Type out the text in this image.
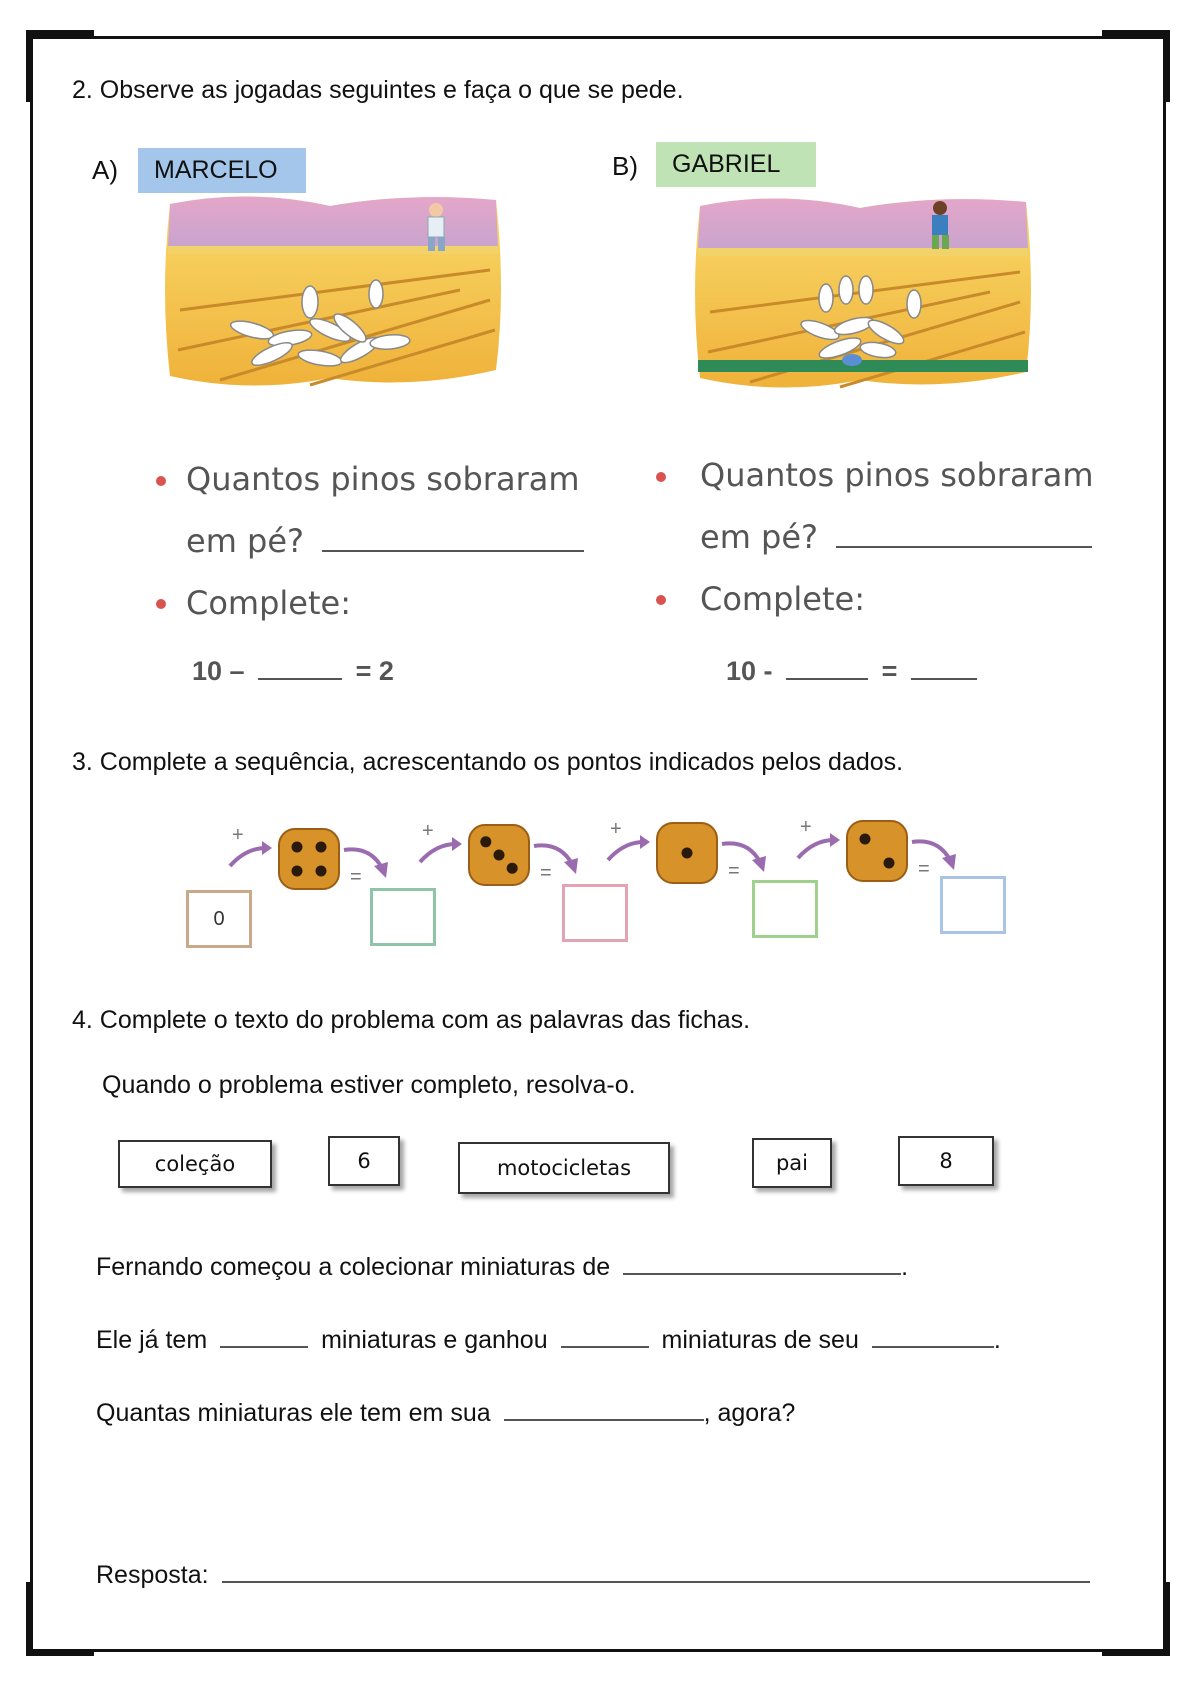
2. Observe as jogadas seguintes e faça o que se pede.
A)	MARCELO	B)	GABRIEL
Quantos pinos sobraram
em pé?
Complete:
10 –	= 2
Quantos pinos sobraram
em pé?
Complete:
10 -	=
3. Complete a sequência, acrescentando os pontos indicados pelos dados.
0
+
=
+
=
+
=
+
=
4. Complete o texto do problema com as palavras das fichas.
Quando o problema estiver completo, resolva-o.
coleção	6	motocicletas	pai	8
Fernando começou a colecionar miniaturas de	.
Ele já tem	miniaturas e ganhou	miniaturas de seu	.
Quantas miniaturas ele tem em sua	, agora?
Resposta:
